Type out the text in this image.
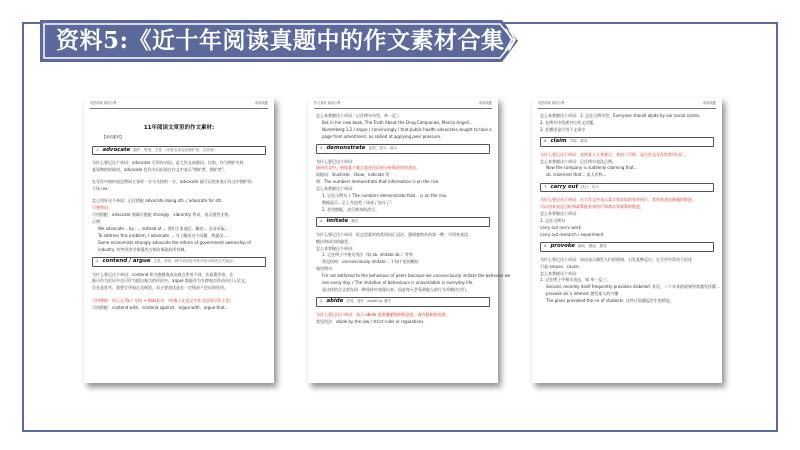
资料5:《近十年阅读真题中的作文素材合集》
英语阅读 素材合集	阅读真题
11年阅读文章里的作文素材:
【动词素材】
1. advocate 拥护、赞成、主张 （该是名词也有拥护者、支持者）
为什么要记这个单词：advocate 可用作动词，是大作文高频词，比如，作为拥护支持
某事物的时候用，advocate 也作名词出现在作文中表示"拥护者，拥护者"。
在写作中如何表达赞同主张时一方与支持的一方，advocate 就可以用来表示作文中拥护的
立场 (ex.
怎么用好这个单词：记住搭配 advocate doing sth. / advocate for sth.
可替换词：
可用搭配：advocate 强调可搭配 strongly、vibrantly 等词，表示强烈支持。
示例：
We advocate... by ..., instead of ... 我们主张通过...解决... 而非采取...
To address this problem, I advocate ... 为了解决这个问题，我提出...
Some economists strongly advocate the reform of government ownership of
industry. 有些经济学家强烈支持改革政府所有制。
2. contend / argue 主张、争论（两个动词在写作中均可用作正式表达）
为什么要记这个单词：contend 和为指挑战表达观点所用不同，在政策评价、在
既可作为论证中也可作为提出观点的评论中，argue 都能作为支撑观点的动词引入论文，
存在是优劣，重要它更加正式规范，而主要表达是在一定情况下论证的作用。
可用替换：用入无 fix / 支持 + that从句 （所指子在论文中作为总结写作主论）
可用搭配：contend with、contend against、argue with、argue that...
作文素材 阅读合集	阅读真题
怎么来掌握这个单词：记住例句句型，举一反三
But in her new book, The Truth About the Drug Companies, Marcia Angell...
Nuremberg 1.2 / argue / convincingly / that public health advocates sought to take a
page from advertisers, as skilled at applying peer pressure.
3. demonstrate 证明、显示、展示
为什么要记这个单词：
演绎作文中，展现某个观点表述论证的分析情况用的表达。
同根词：illustrate、show、indicate 等
例：The numbers demonstrate that information is on the rise.
怎么来掌握这个单词：
1. 记住示例句子 The numbers demonstrate that... is on the rise.
数据显示...呈上升趋势（该成了加分了）
2. 会用搭配，进行简单的改写。
4. imitate 模仿
为什么要记这个单词：标志型素材的常用词汇语法，强调观察外的第一种，可用来表达
模仿和成功的偏差。
怎么来掌握这个单词：
1. 记住例子中相关用法（如 sb. imitate sb.）等等
常见结构：unconsciously imitate... 不知不觉的模仿
典型例句：
I'm not addicted to the behaviour of peers because we unconsciously imitate the behavior we
see every day. / The imitation of behaviours is unavoidable in everyday life.
是这样的含义即在同一种选择中表现出来，因此每天会看到他人的行为并模仿它们。
5. abide 忍受、遵守 abide by 遵守
为什么要记这个单词：表示 abide 需要遵循规则的意思，或有限制的场景。
常见用法：abide by the law / strict rules or regulations
英语阅读 素材合集	阅读真题
怎么来掌握这个单词：1. 记住示例句型，Everyone should abide by our social norms.
2. 在例句中找到对应作文话题。
3. 在哪里是应用于文章中
6. claim 声称、要求
为什么要记这个单词：表明某人主张观点，类似于声称，是议论文写作的常用词汇。
怎么来掌握这个单词：记住例句表达示例。
Now the company is suddenly claiming that...
sb. claim(ed) that... 某人声称...
7. carry out 执行、实行
为什么要记这个单词：在大作文中表示某计划实际的有序执行，常用来表达措施的推进，
可以用来表达目标和政策能有效执行和落实等政策的推进。
怎么来掌握这个单词：
1. 记住示例句
carry out one's work
carry out research / experiment
8. provoke 煽动、激起、激发
为什么要记这个单词：该词表示激发人们的情绪、引发某种反应，在写作中常用于论述
引起 arouse、cause。
怎么来掌握这个单词：
1. 记住例子中相关表达，如 举一反三：
Second, recently itself frequently provokes disbelief. 其次，二十年来的成果经常激发怀疑...
provoke sb.'s interest 激发某人的兴趣
The plans provoked the ire of students. 这些计划激起学生的愤怒。
